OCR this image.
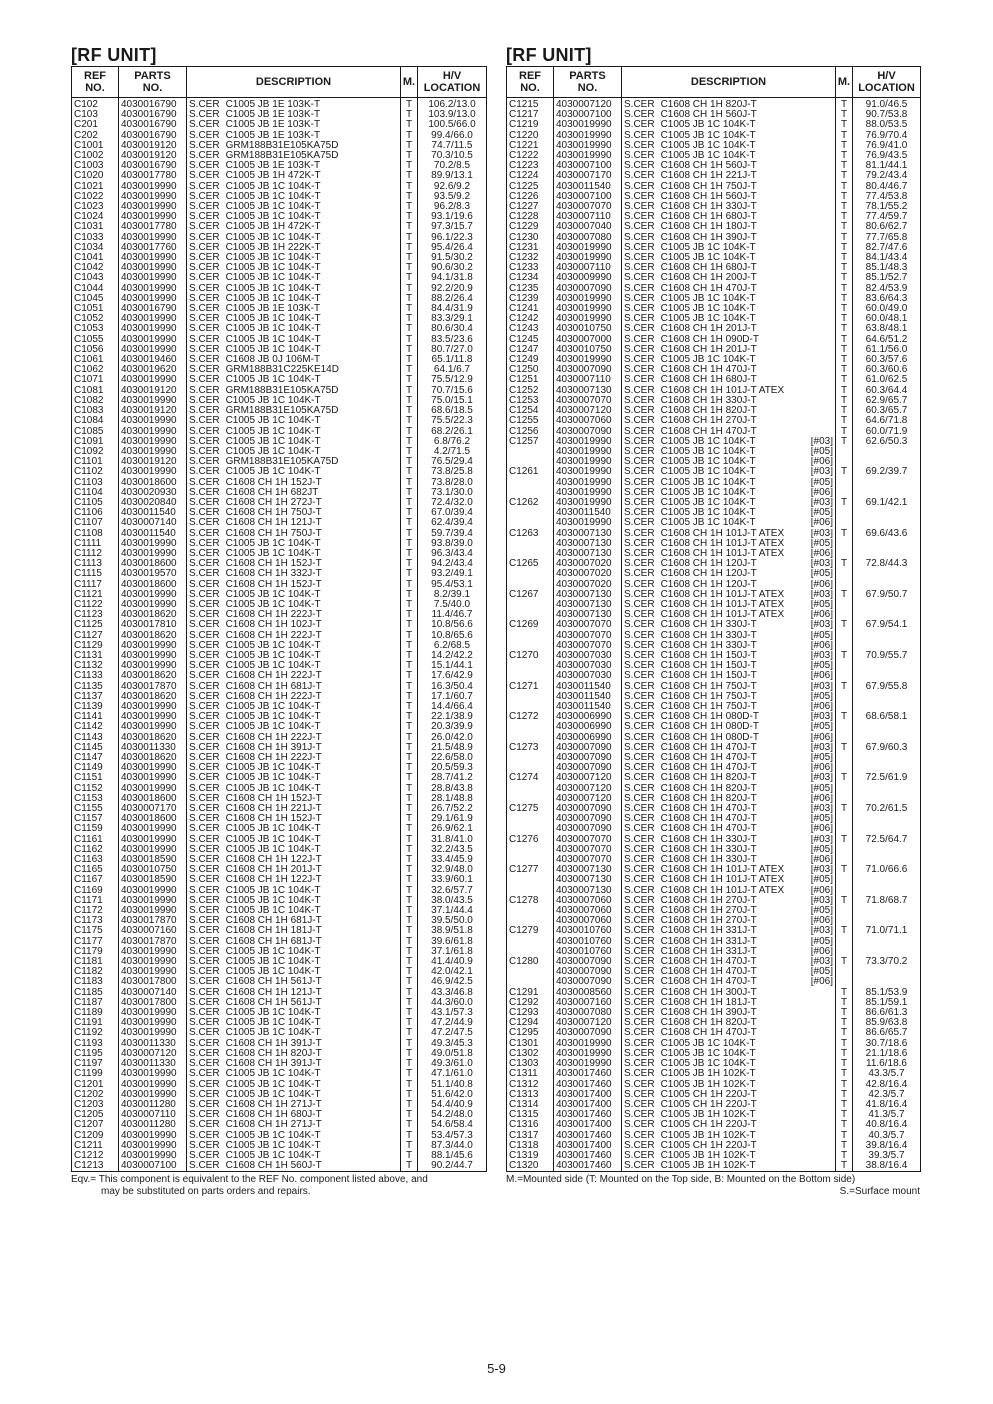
[RF UNIT]
REF
NO.	PARTS
NO.	DESCRIPTION	M.	H/V
LOCATION
C102	4030016790	S.CER C1005 JB 1E 103K-T	T	106.2/13.0
C103	4030016790	S.CER C1005 JB 1E 103K-T	T	103.9/13.0
C201	4030016790	S.CER C1005 JB 1E 103K-T	T	100.5/66.0
C202	4030016790	S.CER C1005 JB 1E 103K-T	T	99.4/66.0
C1001	4030019120	S.CER GRM188B31E105KA75D	T	74.7/11.5
C1002	4030019120	S.CER GRM188B31E105KA75D	T	70.3/10.5
C1003	4030016790	S.CER C1005 JB 1E 103K-T	T	70.2/8.5
C1020	4030017780	S.CER C1005 JB 1H 472K-T	T	89.9/13.1
C1021	4030019990	S.CER C1005 JB 1C 104K-T	T	92.6/9.2
C1022	4030019990	S.CER C1005 JB 1C 104K-T	T	93.5/9.2
C1023	4030019990	S.CER C1005 JB 1C 104K-T	T	96.2/8.3
C1024	4030019990	S.CER C1005 JB 1C 104K-T	T	93.1/19.6
C1031	4030017780	S.CER C1005 JB 1H 472K-T	T	97.3/15.7
C1033	4030019990	S.CER C1005 JB 1C 104K-T	T	96.1/22.3
C1034	4030017760	S.CER C1005 JB 1H 222K-T	T	95.4/26.4
C1041	4030019990	S.CER C1005 JB 1C 104K-T	T	91.5/30.2
C1042	4030019990	S.CER C1005 JB 1C 104K-T	T	90.6/30.2
C1043	4030019990	S.CER C1005 JB 1C 104K-T	T	94.1/31.8
C1044	4030019990	S.CER C1005 JB 1C 104K-T	T	92.2/20.9
C1045	4030019990	S.CER C1005 JB 1C 104K-T	T	88.2/26.4
C1051	4030016790	S.CER C1005 JB 1E 103K-T	T	84.4/31.9
C1052	4030019990	S.CER C1005 JB 1C 104K-T	T	83.3/29.1
C1053	4030019990	S.CER C1005 JB 1C 104K-T	T	80.6/30.4
C1055	4030019990	S.CER C1005 JB 1C 104K-T	T	83.5/23.6
C1056	4030019990	S.CER C1005 JB 1C 104K-T	T	80.7/27.0
C1061	4030019460	S.CER C1608 JB 0J 106M-T	T	65.1/11.8
C1062	4030019620	S.CER GRM188B31C225KE14D	T	64.1/6.7
C1071	4030019990	S.CER C1005 JB 1C 104K-T	T	75.5/12.9
C1081	4030019120	S.CER GRM188B31E105KA75D	T	70.7/15.6
C1082	4030019990	S.CER C1005 JB 1C 104K-T	T	75.0/15.1
C1083	4030019120	S.CER GRM188B31E105KA75D	T	68.6/18.5
C1084	4030019990	S.CER C1005 JB 1C 104K-T	T	75.5/22.3
C1085	4030019990	S.CER C1005 JB 1C 104K-T	T	68.2/26.1
C1091	4030019990	S.CER C1005 JB 1C 104K-T	T	6.8/76.2
C1092	4030019990	S.CER C1005 JB 1C 104K-T	T	4.2/71.5
C1101	4030019120	S.CER GRM188B31E105KA75D	T	76.5/29.4
C1102	4030019990	S.CER C1005 JB 1C 104K-T	T	73.8/25.8
C1103	4030018600	S.CER C1608 CH 1H 152J-T	T	73.8/28.0
C1104	4030020930	S.CER C1608 CH 1H 682JT	T	73.1/30.0
C1105	4030020840	S.CER C1608 CH 1H 272J-T	T	72.4/32.0
C1106	4030011540	S.CER C1608 CH 1H 750J-T	T	67.0/39.4
C1107	4030007140	S.CER C1608 CH 1H 121J-T	T	62.4/39.4
C1108	4030011540	S.CER C1608 CH 1H 750J-T	T	59.7/39.4
C1111	4030019990	S.CER C1005 JB 1C 104K-T	T	93.8/39.0
C1112	4030019990	S.CER C1005 JB 1C 104K-T	T	96.3/43.4
C1113	4030018600	S.CER C1608 CH 1H 152J-T	T	94.2/43.4
C1115	4030019570	S.CER C1608 CH 1H 332J-T	T	93.2/49.1
C1117	4030018600	S.CER C1608 CH 1H 152J-T	T	95.4/53.1
C1121	4030019990	S.CER C1005 JB 1C 104K-T	T	8.2/39.1
C1122	4030019990	S.CER C1005 JB 1C 104K-T	T	7.5/40.0
C1123	4030018620	S.CER C1608 CH 1H 222J-T	T	11.4/46.7
C1125	4030017810	S.CER C1608 CH 1H 102J-T	T	10.8/56.6
C1127	4030018620	S.CER C1608 CH 1H 222J-T	T	10.8/65.6
C1129	4030019990	S.CER C1005 JB 1C 104K-T	T	6.2/68.5
C1131	4030019990	S.CER C1005 JB 1C 104K-T	T	14.2/42.2
C1132	4030019990	S.CER C1005 JB 1C 104K-T	T	15.1/44.1
C1133	4030018620	S.CER C1608 CH 1H 222J-T	T	17.6/42.9
C1135	4030017870	S.CER C1608 CH 1H 681J-T	T	16.3/50.4
C1137	4030018620	S.CER C1608 CH 1H 222J-T	T	17.1/60.7
C1139	4030019990	S.CER C1005 JB 1C 104K-T	T	14.4/66.4
C1141	4030019990	S.CER C1005 JB 1C 104K-T	T	22.1/38.9
C1142	4030019990	S.CER C1005 JB 1C 104K-T	T	20.3/39.9
C1143	4030018620	S.CER C1608 CH 1H 222J-T	T	26.0/42.0
C1145	4030011330	S.CER C1608 CH 1H 391J-T	T	21.5/48.9
C1147	4030018620	S.CER C1608 CH 1H 222J-T	T	22.6/58.0
C1149	4030019990	S.CER C1005 JB 1C 104K-T	T	20.5/59.3
C1151	4030019990	S.CER C1005 JB 1C 104K-T	T	28.7/41.2
C1152	4030019990	S.CER C1005 JB 1C 104K-T	T	28.8/43.8
C1153	4030018600	S.CER C1608 CH 1H 152J-T	T	28.1/48.8
C1155	4030007170	S.CER C1608 CH 1H 221J-T	T	26.7/52.2
C1157	4030018600	S.CER C1608 CH 1H 152J-T	T	29.1/61.9
C1159	4030019990	S.CER C1005 JB 1C 104K-T	T	26.9/62.1
C1161	4030019990	S.CER C1005 JB 1C 104K-T	T	31.8/41.0
C1162	4030019990	S.CER C1005 JB 1C 104K-T	T	32.2/43.5
C1163	4030018590	S.CER C1608 CH 1H 122J-T	T	33.4/45.9
C1165	4030010750	S.CER C1608 CH 1H 201J-T	T	32.9/48.0
C1167	4030018590	S.CER C1608 CH 1H 122J-T	T	33.9/60.1
C1169	4030019990	S.CER C1005 JB 1C 104K-T	T	32.6/57.7
C1171	4030019990	S.CER C1005 JB 1C 104K-T	T	38.0/43.5
C1172	4030019990	S.CER C1005 JB 1C 104K-T	T	37.1/44.4
C1173	4030017870	S.CER C1608 CH 1H 681J-T	T	39.5/50.0
C1175	4030007160	S.CER C1608 CH 1H 181J-T	T	38.9/51.8
C1177	4030017870	S.CER C1608 CH 1H 681J-T	T	39.6/61.8
C1179	4030019990	S.CER C1005 JB 1C 104K-T	T	37.1/61.8
C1181	4030019990	S.CER C1005 JB 1C 104K-T	T	41.4/40.9
C1182	4030019990	S.CER C1005 JB 1C 104K-T	T	42.0/42.1
C1183	4030017800	S.CER C1608 CH 1H 561J-T	T	46.9/42.5
C1185	4030007140	S.CER C1608 CH 1H 121J-T	T	43.3/46.8
C1187	4030017800	S.CER C1608 CH 1H 561J-T	T	44.3/60.0
C1189	4030019990	S.CER C1005 JB 1C 104K-T	T	43.1/57.3
C1191	4030019990	S.CER C1005 JB 1C 104K-T	T	47.2/44.9
C1192	4030019990	S.CER C1005 JB 1C 104K-T	T	47.2/47.5
C1193	4030011330	S.CER C1608 CH 1H 391J-T	T	49.3/45.3
C1195	4030007120	S.CER C1608 CH 1H 820J-T	T	49.0/51.8
C1197	4030011330	S.CER C1608 CH 1H 391J-T	T	49.3/61.0
C1199	4030019990	S.CER C1005 JB 1C 104K-T	T	47.1/61.0
C1201	4030019990	S.CER C1005 JB 1C 104K-T	T	51.1/40.8
C1202	4030019990	S.CER C1005 JB 1C 104K-T	T	51.6/42.0
C1203	4030011280	S.CER C1608 CH 1H 271J-T	T	54.4/40.9
C1205	4030007110	S.CER C1608 CH 1H 680J-T	T	54.2/48.0
C1207	4030011280	S.CER C1608 CH 1H 271J-T	T	54.6/58.4
C1209	4030019990	S.CER C1005 JB 1C 104K-T	T	53.4/57.3
C1211	4030019990	S.CER C1005 JB 1C 104K-T	T	87.3/44.0
C1212	4030019990	S.CER C1005 JB 1C 104K-T	T	88.1/45.6
C1213	4030007100	S.CER C1608 CH 1H 560J-T	T	90.2/44.7
Eqv.= This component is equivalent to the REF No. component listed above, and
may be substituted on parts orders and repairs.
[RF UNIT]
REF
NO.	PARTS
NO.	DESCRIPTION	M.	H/V
LOCATION
C1215	4030007120	S.CER C1608 CH 1H 820J-T	T	91.0/46.5
C1217	4030007100	S.CER C1608 CH 1H 560J-T	T	90.7/53.8
C1219	4030019990	S.CER C1005 JB 1C 104K-T	T	88.0/53.5
C1220	4030019990	S.CER C1005 JB 1C 104K-T	T	76.9/70.4
C1221	4030019990	S.CER C1005 JB 1C 104K-T	T	76.9/41.0
C1222	4030019990	S.CER C1005 JB 1C 104K-T	T	76.9/43.5
C1223	4030007100	S.CER C1608 CH 1H 560J-T	T	81.1/44.1
C1224	4030007170	S.CER C1608 CH 1H 221J-T	T	79.2/43.4
C1225	4030011540	S.CER C1608 CH 1H 750J-T	T	80.4/46.7
C1226	4030007100	S.CER C1608 CH 1H 560J-T	T	77.4/53.8
C1227	4030007070	S.CER C1608 CH 1H 330J-T	T	78.1/55.2
C1228	4030007110	S.CER C1608 CH 1H 680J-T	T	77.4/59.7
C1229	4030007040	S.CER C1608 CH 1H 180J-T	T	80.6/62.7
C1230	4030007080	S.CER C1608 CH 1H 390J-T	T	77.7/65.8
C1231	4030019990	S.CER C1005 JB 1C 104K-T	T	82.7/47.6
C1232	4030019990	S.CER C1005 JB 1C 104K-T	T	84.1/43.4
C1233	4030007110	S.CER C1608 CH 1H 680J-T	T	85.1/48.3
C1234	4030009990	S.CER C1608 CH 1H 200J-T	T	85.1/52.7
C1235	4030007090	S.CER C1608 CH 1H 470J-T	T	82.4/53.9
C1239	4030019990	S.CER C1005 JB 1C 104K-T	T	83.6/64.3
C1241	4030019990	S.CER C1005 JB 1C 104K-T	T	60.0/49.0
C1242	4030019990	S.CER C1005 JB 1C 104K-T	T	60.0/48.1
C1243	4030010750	S.CER C1608 CH 1H 201J-T	T	63.8/48.1
C1245	4030007000	S.CER C1608 CH 1H 090D-T	T	64.6/51.2
C1247	4030010750	S.CER C1608 CH 1H 201J-T	T	61.1/56.0
C1249	4030019990	S.CER C1005 JB 1C 104K-T	T	60.3/57.6
C1250	4030007090	S.CER C1608 CH 1H 470J-T	T	60.3/60.6
C1251	4030007110	S.CER C1608 CH 1H 680J-T	T	61.0/62.5
C1252	4030007130	S.CER C1608 CH 1H 101J-T ATEX	T	60.3/64.4
C1253	4030007070	S.CER C1608 CH 1H 330J-T	T	62.9/65.7
C1254	4030007120	S.CER C1608 CH 1H 820J-T	T	60.3/65.7
C1255	4030007060	S.CER C1608 CH 1H 270J-T	T	64.6/71.8
C1256	4030007090	S.CER C1608 CH 1H 470J-T	T	60.0/71.9
C1257	4030019990	S.CER C1005 JB 1C 104K-T [#03]	T	62.6/50.3
	4030019990	S.CER C1005 JB 1C 104K-T [#05]		

	4030019990	S.CER C1005 JB 1C 104K-T [#06]		

C1261	4030019990	S.CER C1005 JB 1C 104K-T [#03]	T	69.2/39.7
	4030019990	S.CER C1005 JB 1C 104K-T [#05]		

	4030019990	S.CER C1005 JB 1C 104K-T [#06]		

C1262	4030019990	S.CER C1005 JB 1C 104K-T [#03]	T	69.1/42.1
	4030011540	S.CER C1005 JB 1C 104K-T [#05]		

	4030019990	S.CER C1005 JB 1C 104K-T [#06]		

C1263	4030007130	S.CER C1608 CH 1H 101J-T ATEX [#03]	T	69.6/43.6
	4030007130	S.CER C1608 CH 1H 101J-T ATEX [#05]		

	4030007130	S.CER C1608 CH 1H 101J-T ATEX [#06]		

C1265	4030007020	S.CER C1608 CH 1H 120J-T [#03]	T	72.8/44.3
	4030007020	S.CER C1608 CH 1H 120J-T [#05]		

	4030007020	S.CER C1608 CH 1H 120J-T [#06]		

C1267	4030007130	S.CER C1608 CH 1H 101J-T ATEX [#03]	T	67.9/50.7
	4030007130	S.CER C1608 CH 1H 101J-T ATEX [#05]		

	4030007130	S.CER C1608 CH 1H 101J-T ATEX [#06]		

C1269	4030007070	S.CER C1608 CH 1H 330J-T [#03]	T	67.9/54.1
	4030007070	S.CER C1608 CH 1H 330J-T [#05]		

	4030007070	S.CER C1608 CH 1H 330J-T [#06]		

C1270	4030007030	S.CER C1608 CH 1H 150J-T [#03]	T	70.9/55.7
	4030007030	S.CER C1608 CH 1H 150J-T [#05]		

	4030007030	S.CER C1608 CH 1H 150J-T [#06]		

C1271	4030011540	S.CER C1608 CH 1H 750J-T [#03]	T	67.9/55.8
	4030011540	S.CER C1608 CH 1H 750J-T [#05]		

	4030011540	S.CER C1608 CH 1H 750J-T [#06]		

C1272	4030006990	S.CER C1608 CH 1H 080D-T [#03]	T	68.6/58.1
	4030006990	S.CER C1608 CH 1H 080D-T [#05]		

	4030006990	S.CER C1608 CH 1H 080D-T [#06]		

C1273	4030007090	S.CER C1608 CH 1H 470J-T [#03]	T	67.9/60.3
	4030007090	S.CER C1608 CH 1H 470J-T [#05]		

	4030007090	S.CER C1608 CH 1H 470J-T [#06]		

C1274	4030007120	S.CER C1608 CH 1H 820J-T [#03]	T	72.5/61.9
	4030007120	S.CER C1608 CH 1H 820J-T [#05]		

	4030007120	S.CER C1608 CH 1H 820J-T [#06]		

C1275	4030007090	S.CER C1608 CH 1H 470J-T [#03]	T	70.2/61.5
	4030007090	S.CER C1608 CH 1H 470J-T [#05]		

	4030007090	S.CER C1608 CH 1H 470J-T [#06]		

C1276	4030007070	S.CER C1608 CH 1H 330J-T [#03]	T	72.5/64.7
	4030007070	S.CER C1608 CH 1H 330J-T [#05]		

	4030007070	S.CER C1608 CH 1H 330J-T [#06]		

C1277	4030007130	S.CER C1608 CH 1H 101J-T ATEX [#03]	T	71.0/66.6
	4030007130	S.CER C1608 CH 1H 101J-T ATEX [#05]		

	4030007130	S.CER C1608 CH 1H 101J-T ATEX [#06]		

C1278	4030007060	S.CER C1608 CH 1H 270J-T [#03]	T	71.8/68.7
	4030007060	S.CER C1608 CH 1H 270J-T [#05]		

	4030007060	S.CER C1608 CH 1H 270J-T [#06]		

C1279	4030010760	S.CER C1608 CH 1H 331J-T [#03]	T	71.0/71.1
	4030010760	S.CER C1608 CH 1H 331J-T [#05]		

	4030010760	S.CER C1608 CH 1H 331J-T [#06]		

C1280	4030007090	S.CER C1608 CH 1H 470J-T [#03]	T	73.3/70.2
	4030007090	S.CER C1608 CH 1H 470J-T [#05]		

	4030007090	S.CER C1608 CH 1H 470J-T [#06]		

C1291	4030008560	S.CER C1608 CH 1H 300J-T	T	85.1/53.9
C1292	4030007160	S.CER C1608 CH 1H 181J-T	T	85.1/59.1
C1293	4030007080	S.CER C1608 CH 1H 390J-T	T	86.6/61.3
C1294	4030007120	S.CER C1608 CH 1H 820J-T	T	85.9/63.8
C1295	4030007090	S.CER C1608 CH 1H 470J-T	T	86.6/65.7
C1301	4030019990	S.CER C1005 JB 1C 104K-T	T	30.7/18.6
C1302	4030019990	S.CER C1005 JB 1C 104K-T	T	21.1/18.6
C1303	4030019990	S.CER C1005 JB 1C 104K-T	T	11.6/18.6
C1311	4030017460	S.CER C1005 JB 1H 102K-T	T	43.3/5.7
C1312	4030017460	S.CER C1005 JB 1H 102K-T	T	42.8/16.4
C1313	4030017400	S.CER C1005 CH 1H 220J-T	T	42.3/5.7
C1314	4030017400	S.CER C1005 CH 1H 220J-T	T	41.8/16.4
C1315	4030017460	S.CER C1005 JB 1H 102K-T	T	41.3/5.7
C1316	4030017400	S.CER C1005 CH 1H 220J-T	T	40.8/16.4
C1317	4030017460	S.CER C1005 JB 1H 102K-T	T	40.3/5.7
C1318	4030017400	S.CER C1005 CH 1H 220J-T	T	39.8/16.4
C1319	4030017460	S.CER C1005 JB 1H 102K-T	T	39.3/5.7
C1320	4030017460	S.CER C1005 JB 1H 102K-T	T	38.8/16.4
M.=Mounted side (T: Mounted on the Top side, B: Mounted on the Bottom side)
S.=Surface mount
5-9
